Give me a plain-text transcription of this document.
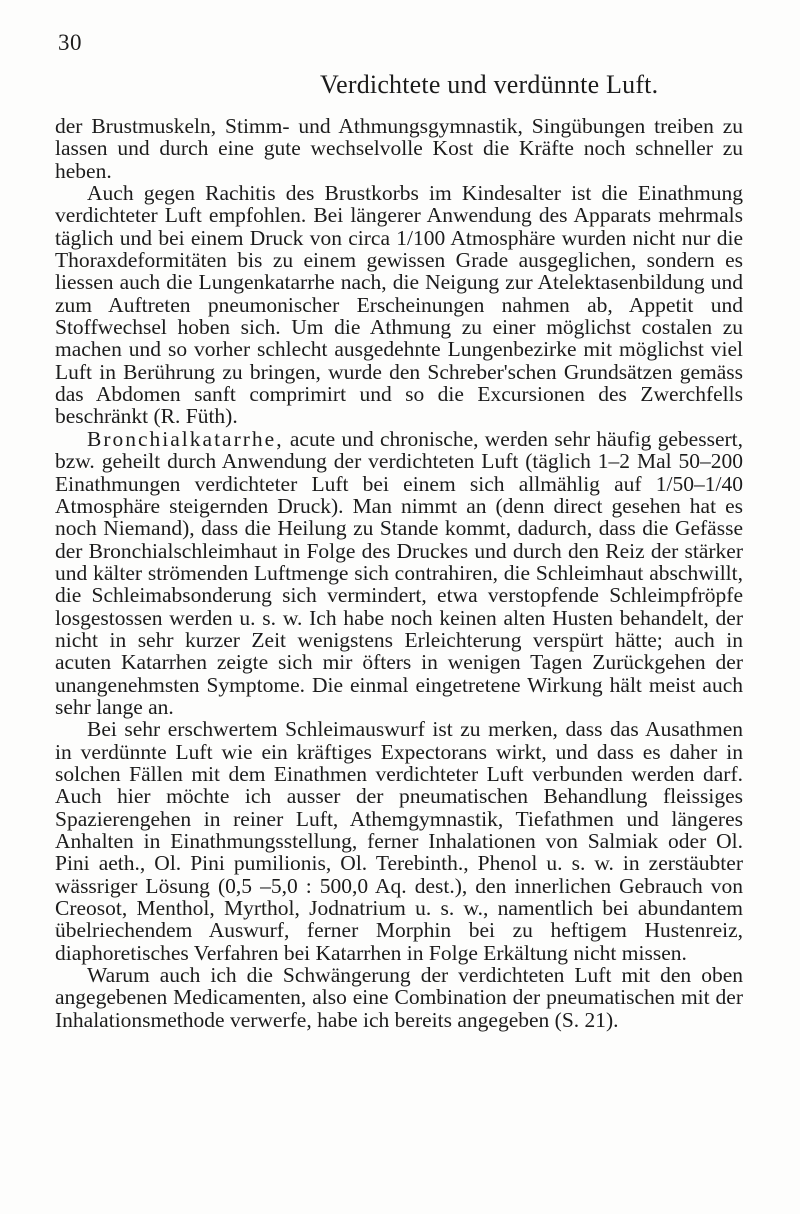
30
Verdichtete und verdünnte Luft.

der Brustmuskeln, Stimm- und Athmungsgymnastik, Singübungen treiben zu lassen und durch eine gute wechselvolle Kost die Kräfte noch schneller zu heben.

Auch gegen Rachitis des Brustkorbs im Kindesalter ist die Einathmung verdichteter Luft empfohlen. Bei längerer Anwendung des Apparats mehrmals täglich und bei einem Druck von circa 1/100 Atmosphäre wurden nicht nur die Thoraxdeformitäten bis zu einem gewissen Grade ausgeglichen, sondern es liessen auch die Lungenkatarrhe nach, die Neigung zur Atelektasenbildung und zum Auftreten pneumonischer Erscheinungen nahmen ab, Appetit und Stoffwechsel hoben sich. Um die Athmung zu einer möglichst costalen zu machen und so vorher schlecht ausgedehnte Lungenbezirke mit möglichst viel Luft in Berührung zu bringen, wurde den Schreber'schen Grundsätzen gemäss das Abdomen sanft comprimirt und so die Excursionen des Zwerchfells beschränkt (R. Füth).

Bronchialkatarrhe, acute und chronische, werden sehr häufig gebessert, bzw. geheilt durch Anwendung der verdichteten Luft (täglich 1–2 Mal 50–200 Einathmungen verdichteter Luft bei einem sich allmählig auf 1/50–1/40 Atmosphäre steigernden Druck). Man nimmt an (denn direct gesehen hat es noch Niemand), dass die Heilung zu Stande kommt, dadurch, dass die Gefässe der Bronchialschleimhaut in Folge des Druckes und durch den Reiz der stärker und kälter strömenden Luftmenge sich contrahiren, die Schleimhaut abschwillt, die Schleimabsonderung sich vermindert, etwa verstopfende Schleimpfröpfe losgestossen werden u. s. w. Ich habe noch keinen alten Husten behandelt, der nicht in sehr kurzer Zeit wenigstens Erleichterung verspürt hätte; auch in acuten Katarrhen zeigte sich mir öfters in wenigen Tagen Zurückgehen der unangenehmsten Symptome. Die einmal eingetretene Wirkung hält meist auch sehr lange an.

Bei sehr erschwertem Schleimauswurf ist zu merken, dass das Ausathmen in verdünnte Luft wie ein kräftiges Expectorans wirkt, und dass es daher in solchen Fällen mit dem Einathmen verdichteter Luft verbunden werden darf. Auch hier möchte ich ausser der pneumatischen Behandlung fleissiges Spazierengehen in reiner Luft, Athemgymnastik, Tiefathmen und längeres Anhalten in Einathmungsstellung, ferner Inhalationen von Salmiak oder Ol. Pini aeth., Ol. Pini pumilionis, Ol. Terebinth., Phenol u. s. w. in zerstäubter wässriger Lösung (0,5 –5,0 : 500,0 Aq. dest.), den innerlichen Gebrauch von Creosot, Menthol, Myrthol, Jodnatrium u. s. w., namentlich bei abundantem übelriechendem Auswurf, ferner Morphin bei zu heftigem Hustenreiz, diaphoretisches Verfahren bei Katarrhen in Folge Erkältung nicht missen.

Warum auch ich die Schwängerung der verdichteten Luft mit den oben angegebenen Medicamenten, also eine Combination der pneumatischen mit der Inhalationsmethode verwerfe, habe ich bereits angegeben (S. 21).
